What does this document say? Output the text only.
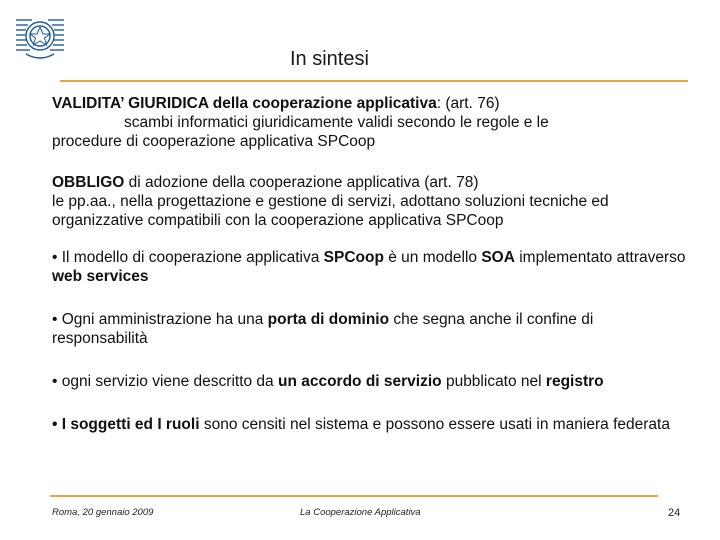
In sintesi
VALIDITA’ GIURIDICA della cooperazione applicativa: (art. 76)
scambi informatici giuridicamente validi secondo le regole e le
procedure di cooperazione applicativa SPCoop
OBBLIGO di adozione della cooperazione applicativa (art. 78)
le pp.aa., nella progettazione e gestione di servizi, adottano soluzioni tecniche ed organizzative compatibili con la cooperazione applicativa SPCoop
• Il modello di cooperazione applicativa SPCoop è un modello SOA implementato attraverso web services
• Ogni amministrazione ha una porta di dominio che segna anche il confine di responsabilità
• ogni servizio viene descritto da un accordo di servizio pubblicato nel registro
• I soggetti ed I ruoli sono censiti nel sistema e possono essere usati in maniera federata
Roma, 20 gennaio 2009	La Cooperazione Applicativa	24
